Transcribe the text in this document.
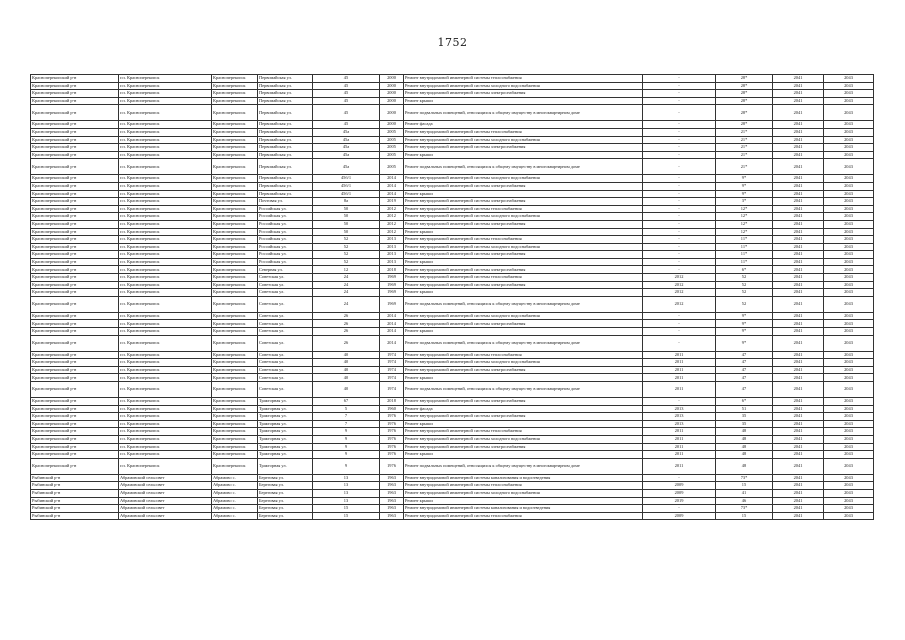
1752
Красноперекопский р-н	г.п. Красноперекопск	Красноперекопск	Первомайская ул.	45	2000	Ремонт внутридомовой инженерной системы теплоснабжения	-	28*	2041	2043
Красноперекопский р-н	г.п. Красноперекопск	Красноперекопск	Первомайская ул.	45	2000	Ремонт внутридомовой инженерной системы холодного водоснабжения	-	28*	2041	2043
Красноперекопский р-н	г.п. Красноперекопск	Красноперекопск	Первомайская ул.	45	2000	Ремонт внутридомовой инженерной системы электроснабжения	-	28*	2041	2043
Красноперекопский р-н	г.п. Красноперекопск	Красноперекопск	Первомайская ул.	45	2000	Ремонт крыши	-	28*	2041	2043
Красноперекопский р-н	г.п. Красноперекопск	Красноперекопск	Первомайская ул.	45	2000	Ремонт подвальных помещений, относящихся к общему имуществу в многоквартирном доме	-	28*	2041	2043
Красноперекопский р-н	г.п. Красноперекопск	Красноперекопск	Первомайская ул.	45	2000	Ремонт фасада	-	28*	2041	2043
Красноперекопский р-н	г.п. Красноперекопск	Красноперекопск	Первомайская ул.	45а	2005	Ремонт внутридомовой инженерной системы теплоснабжения	-	21*	2041	2043
Красноперекопский р-н	г.п. Красноперекопск	Красноперекопск	Первомайская ул.	45а	2005	Ремонт внутридомовой инженерной системы холодного водоснабжения	-	21*	2041	2043
Красноперекопский р-н	г.п. Красноперекопск	Красноперекопск	Первомайская ул.	45а	2005	Ремонт внутридомовой инженерной системы электроснабжения	-	21*	2041	2043
Красноперекопский р-н	г.п. Красноперекопск	Красноперекопск	Первомайская ул.	45а	2005	Ремонт крыши	-	21*	2041	2043
Красноперекопский р-н	г.п. Красноперекопск	Красноперекопск	Первомайская ул.	45а	2005	Ремонт подвальных помещений, относящихся к общему имуществу в многоквартирном доме	-	21*	2041	2043
Красноперекопский р-н	г.п. Красноперекопск	Красноперекопск	Первомайская ул.	45б/1	2014	Ремонт внутридомовой инженерной системы холодного водоснабжения	-	9*	2041	2043
Красноперекопский р-н	г.п. Красноперекопск	Красноперекопск	Первомайская ул.	45б/1	2014	Ремонт внутридомовой инженерной системы электроснабжения	-	9*	2041	2043
Красноперекопский р-н	г.п. Красноперекопск	Красноперекопск	Первомайская ул.	45б/1	2014	Ремонт крыши	-	9*	2041	2043
Красноперекопский р-н	г.п. Красноперекопск	Красноперекопск	Почтовая ул.	8а	2019	Ремонт внутридомовой инженерной системы электроснабжения	-	3*	2041	2043
Красноперекопский р-н	г.п. Красноперекопск	Красноперекопск	Российская ул.	50	2012	Ремонт внутридомовой инженерной системы теплоснабжения	-	12*	2041	2043
Красноперекопский р-н	г.п. Красноперекопск	Красноперекопск	Российская ул.	50	2012	Ремонт внутридомовой инженерной системы холодного водоснабжения	-	12*	2041	2043
Красноперекопский р-н	г.п. Красноперекопск	Красноперекопск	Российская ул.	50	2012	Ремонт внутридомовой инженерной системы электроснабжения	-	12*	2041	2043
Красноперекопский р-н	г.п. Красноперекопск	Красноперекопск	Российская ул.	50	2012	Ремонт крыши	-	12*	2041	2043
Красноперекопский р-н	г.п. Красноперекопск	Красноперекопск	Российская ул.	52	2013	Ремонт внутридомовой инженерной системы теплоснабжения	-	11*	2041	2043
Красноперекопский р-н	г.п. Красноперекопск	Красноперекопск	Российская ул.	52	2013	Ремонт внутридомовой инженерной системы холодного водоснабжения	-	11*	2041	2043
Красноперекопский р-н	г.п. Красноперекопск	Красноперекопск	Российская ул.	52	2013	Ремонт внутридомовой инженерной системы электроснабжения	-	11*	2041	2043
Красноперекопский р-н	г.п. Красноперекопск	Красноперекопск	Российская ул.	52	2013	Ремонт крыши	-	11*	2041	2043
Красноперекопский р-н	г.п. Красноперекопск	Красноперекопск	Северная ул.	12	2018	Ремонт внутридомовой инженерной системы электроснабжения	-	6*	2041	2043
Красноперекопский р-н	г.п. Красноперекопск	Красноперекопск	Советская ул.	24	1969	Ремонт внутридомовой инженерной системы теплоснабжения	2012	52	2041	2043
Красноперекопский р-н	г.п. Красноперекопск	Красноперекопск	Советская ул.	24	1969	Ремонт внутридомовой инженерной системы электроснабжения	2012	52	2041	2043
Красноперекопский р-н	г.п. Красноперекопск	Красноперекопск	Советская ул.	24	1969	Ремонт крыши	2012	52	2041	2043
Красноперекопский р-н	г.п. Красноперекопск	Красноперекопск	Советская ул.	24	1969	Ремонт подвальных помещений, относящихся к общему имуществу в многоквартирном доме	2012	52	2041	2043
Красноперекопский р-н	г.п. Красноперекопск	Красноперекопск	Советская ул.	26	2014	Ремонт внутридомовой инженерной системы холодного водоснабжения	-	9*	2041	2043
Красноперекопский р-н	г.п. Красноперекопск	Красноперекопск	Советская ул.	26	2014	Ремонт внутридомовой инженерной системы электроснабжения	-	9*	2041	2043
Красноперекопский р-н	г.п. Красноперекопск	Красноперекопск	Советская ул.	26	2014	Ремонт крыши	-	9*	2041	2043
Красноперекопский р-н	г.п. Красноперекопск	Красноперекопск	Советская ул.	26	2014	Ремонт подвальных помещений, относящихся к общему имуществу в многоквартирном доме	-	9*	2041	2043
Красноперекопский р-н	г.п. Красноперекопск	Красноперекопск	Советская ул.	40	1974	Ремонт внутридомовой инженерной системы теплоснабжения	2011	47	2041	2043
Красноперекопский р-н	г.п. Красноперекопск	Красноперекопск	Советская ул.	40	1974	Ремонт внутридомовой инженерной системы холодного водоснабжения	2011	47	2041	2043
Красноперекопский р-н	г.п. Красноперекопск	Красноперекопск	Советская ул.	40	1974	Ремонт внутридомовой инженерной системы электроснабжения	2011	47	2041	2043
Красноперекопский р-н	г.п. Красноперекопск	Красноперекопск	Советская ул.	40	1974	Ремонт крыши	2011	47	2041	2043
Красноперекопский р-н	г.п. Красноперекопск	Красноперекопск	Советская ул.	40	1974	Ремонт подвальных помещений, относящихся к общему имуществу в многоквартирном доме	2011	47	2041	2043
Красноперекопский р-н	г.п. Красноперекопск	Красноперекопск	Тракторная ул.	67	2018	Ремонт внутридомовой инженерной системы электроснабжения	-	6*	2041	2043
Красноперекопский р-н	г.п. Красноперекопск	Красноперекопск	Тракторная ул.	5	1960	Ремонт фасада	2013	51	2041	2043
Красноперекопский р-н	г.п. Красноперекопск	Красноперекопск	Тракторная ул.	7	1976	Ремонт внутридомовой инженерной системы электроснабжения	2013	35	2041	2043
Красноперекопский р-н	г.п. Красноперекопск	Красноперекопск	Тракторная ул.	7	1976	Ремонт крыши	2013	35	2041	2043
Красноперекопский р-н	г.п. Красноперекопск	Красноперекопск	Тракторная ул.	9	1976	Ремонт внутридомовой инженерной системы теплоснабжения	2011	48	2041	2043
Красноперекопский р-н	г.п. Красноперекопск	Красноперекопск	Тракторная ул.	9	1976	Ремонт внутридомовой инженерной системы холодного водоснабжения	2011	48	2041	2043
Красноперекопский р-н	г.п. Красноперекопск	Красноперекопск	Тракторная ул.	9	1976	Ремонт внутридомовой инженерной системы электроснабжения	2011	48	2041	2043
Красноперекопский р-н	г.п. Красноперекопск	Красноперекопск	Тракторная ул.	9	1976	Ремонт крыши	2011	48	2041	2043
Красноперекопский р-н	г.п. Красноперекопск	Красноперекопск	Тракторная ул.	9	1976	Ремонт подвальных помещений, относящихся к общему имуществу в многоквартирном доме	2011	48	2041	2043
Рыбинский р-н	Абрамовский сельсовет	Абрамово с.	Береговая ул.	13	1963	Ремонт внутридомовой инженерной системы канализования и водоотведения	-	73*	2041	2043
Рыбинский р-н	Абрамовский сельсовет	Абрамово с.	Береговая ул.	13	1963	Ремонт внутридомовой инженерной системы теплоснабжения	2009	15	2041	2043
Рыбинский р-н	Абрамовский сельсовет	Абрамово с.	Береговая ул.	13	1963	Ремонт внутридомовой инженерной системы холодного водоснабжения	2009	41	2041	2043
Рыбинский р-н	Абрамовский сельсовет	Абрамово с.	Береговая ул.	13	1963	Ремонт крыши	2019	46	2041	2043
Рыбинский р-н	Абрамовский сельсовет	Абрамово с.	Береговая ул.	15	1963	Ремонт внутридомовой инженерной системы канализования и водоотведения	-	73*	2041	2043
Рыбинский р-н	Абрамовский сельсовет	Абрамово с.	Береговая ул.	15	1963	Ремонт внутридомовой инженерной системы теплоснабжения	2009	15	2041	2043
